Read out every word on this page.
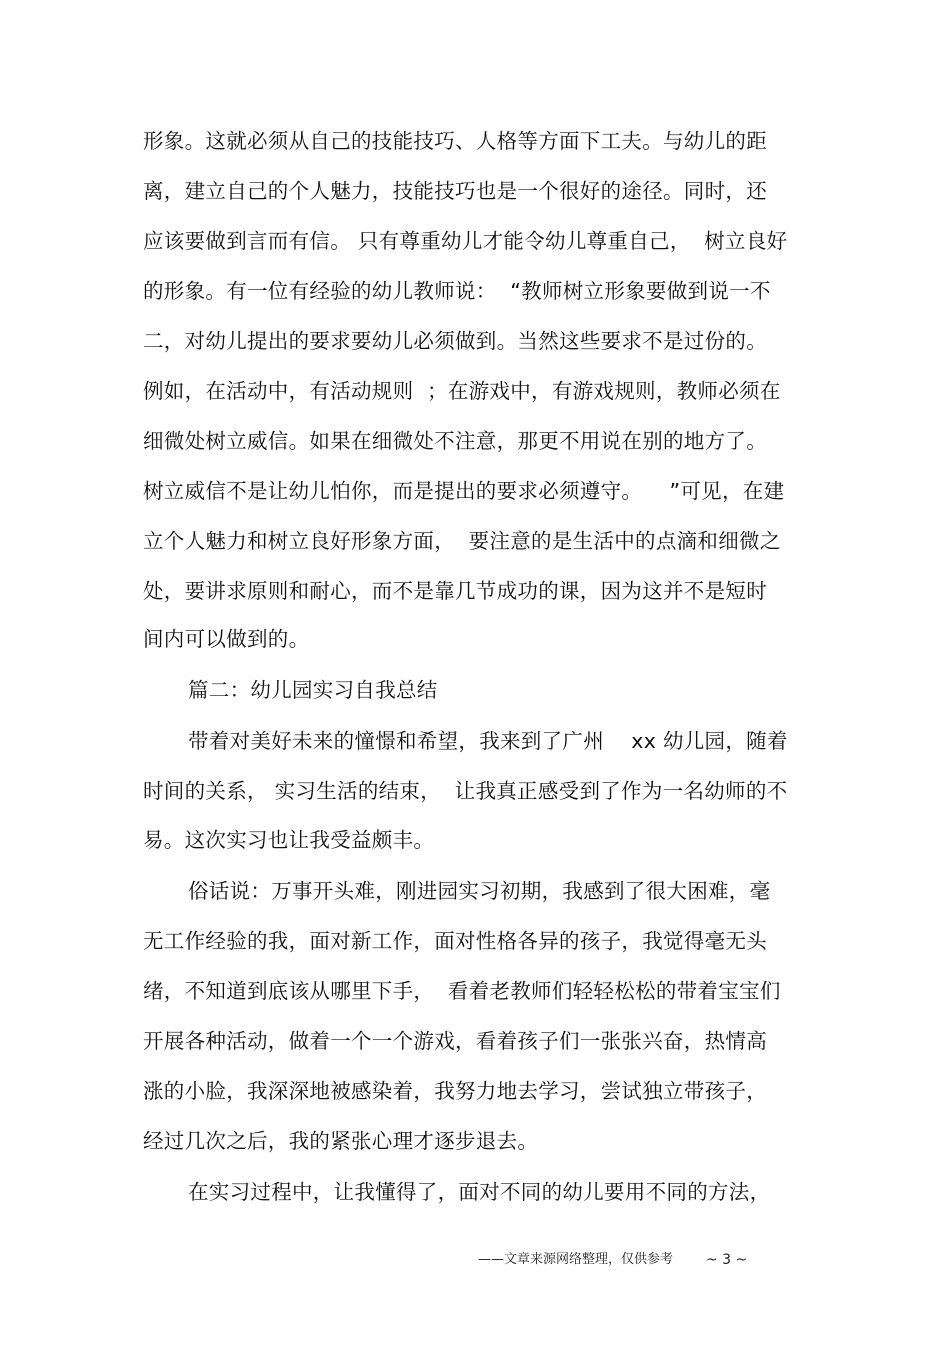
形象。这就必须从自己的技能技巧、人格等方面下工夫。与幼儿的距
离，建立自己的个人魅力，技能技巧也是一个很好的途径。同时，还
应该要做到言而有信。 只有尊重幼儿才能令幼儿尊重自己，  树立良好
的形象。有一位有经验的幼儿教师说：  “教师树立形象要做到说一不
二，对幼儿提出的要求要幼儿必须做到。当然这些要求不是过份的。
例如，在活动中，有活动规则  ；在游戏中，有游戏规则，教师必须在
细微处树立威信。如果在细微处不注意，那更不用说在别的地方了。
树立威信不是让幼儿怕你，而是提出的要求必须遵守。    ”可见，在建
立个人魅力和树立良好形象方面，  要注意的是生活中的点滴和细微之
处，要讲求原则和耐心，而不是靠几节成功的课，因为这并不是短时
间内可以做到的。
篇二：幼儿园实习自我总结
带着对美好未来的憧憬和希望，我来到了广州    xx 幼儿园，随着
时间的关系， 实习生活的结束，  让我真正感受到了作为一名幼师的不
易。这次实习也让我受益颇丰。
俗话说：万事开头难，刚进园实习初期，我感到了很大困难，毫
无工作经验的我，面对新工作，面对性格各异的孩子，我觉得毫无头
绪，不知道到底该从哪里下手，  看着老教师们轻轻松松的带着宝宝们
开展各种活动，做着一个一个游戏，看着孩子们一张张兴奋，热情高
涨的小脸，我深深地被感染着，我努力地去学习，尝试独立带孩子，
经过几次之后，我的紧张心理才逐步退去。
在实习过程中，让我懂得了，面对不同的幼儿要用不同的方法，
——文章来源网络整理，仅供参考 ~ 3 ~
